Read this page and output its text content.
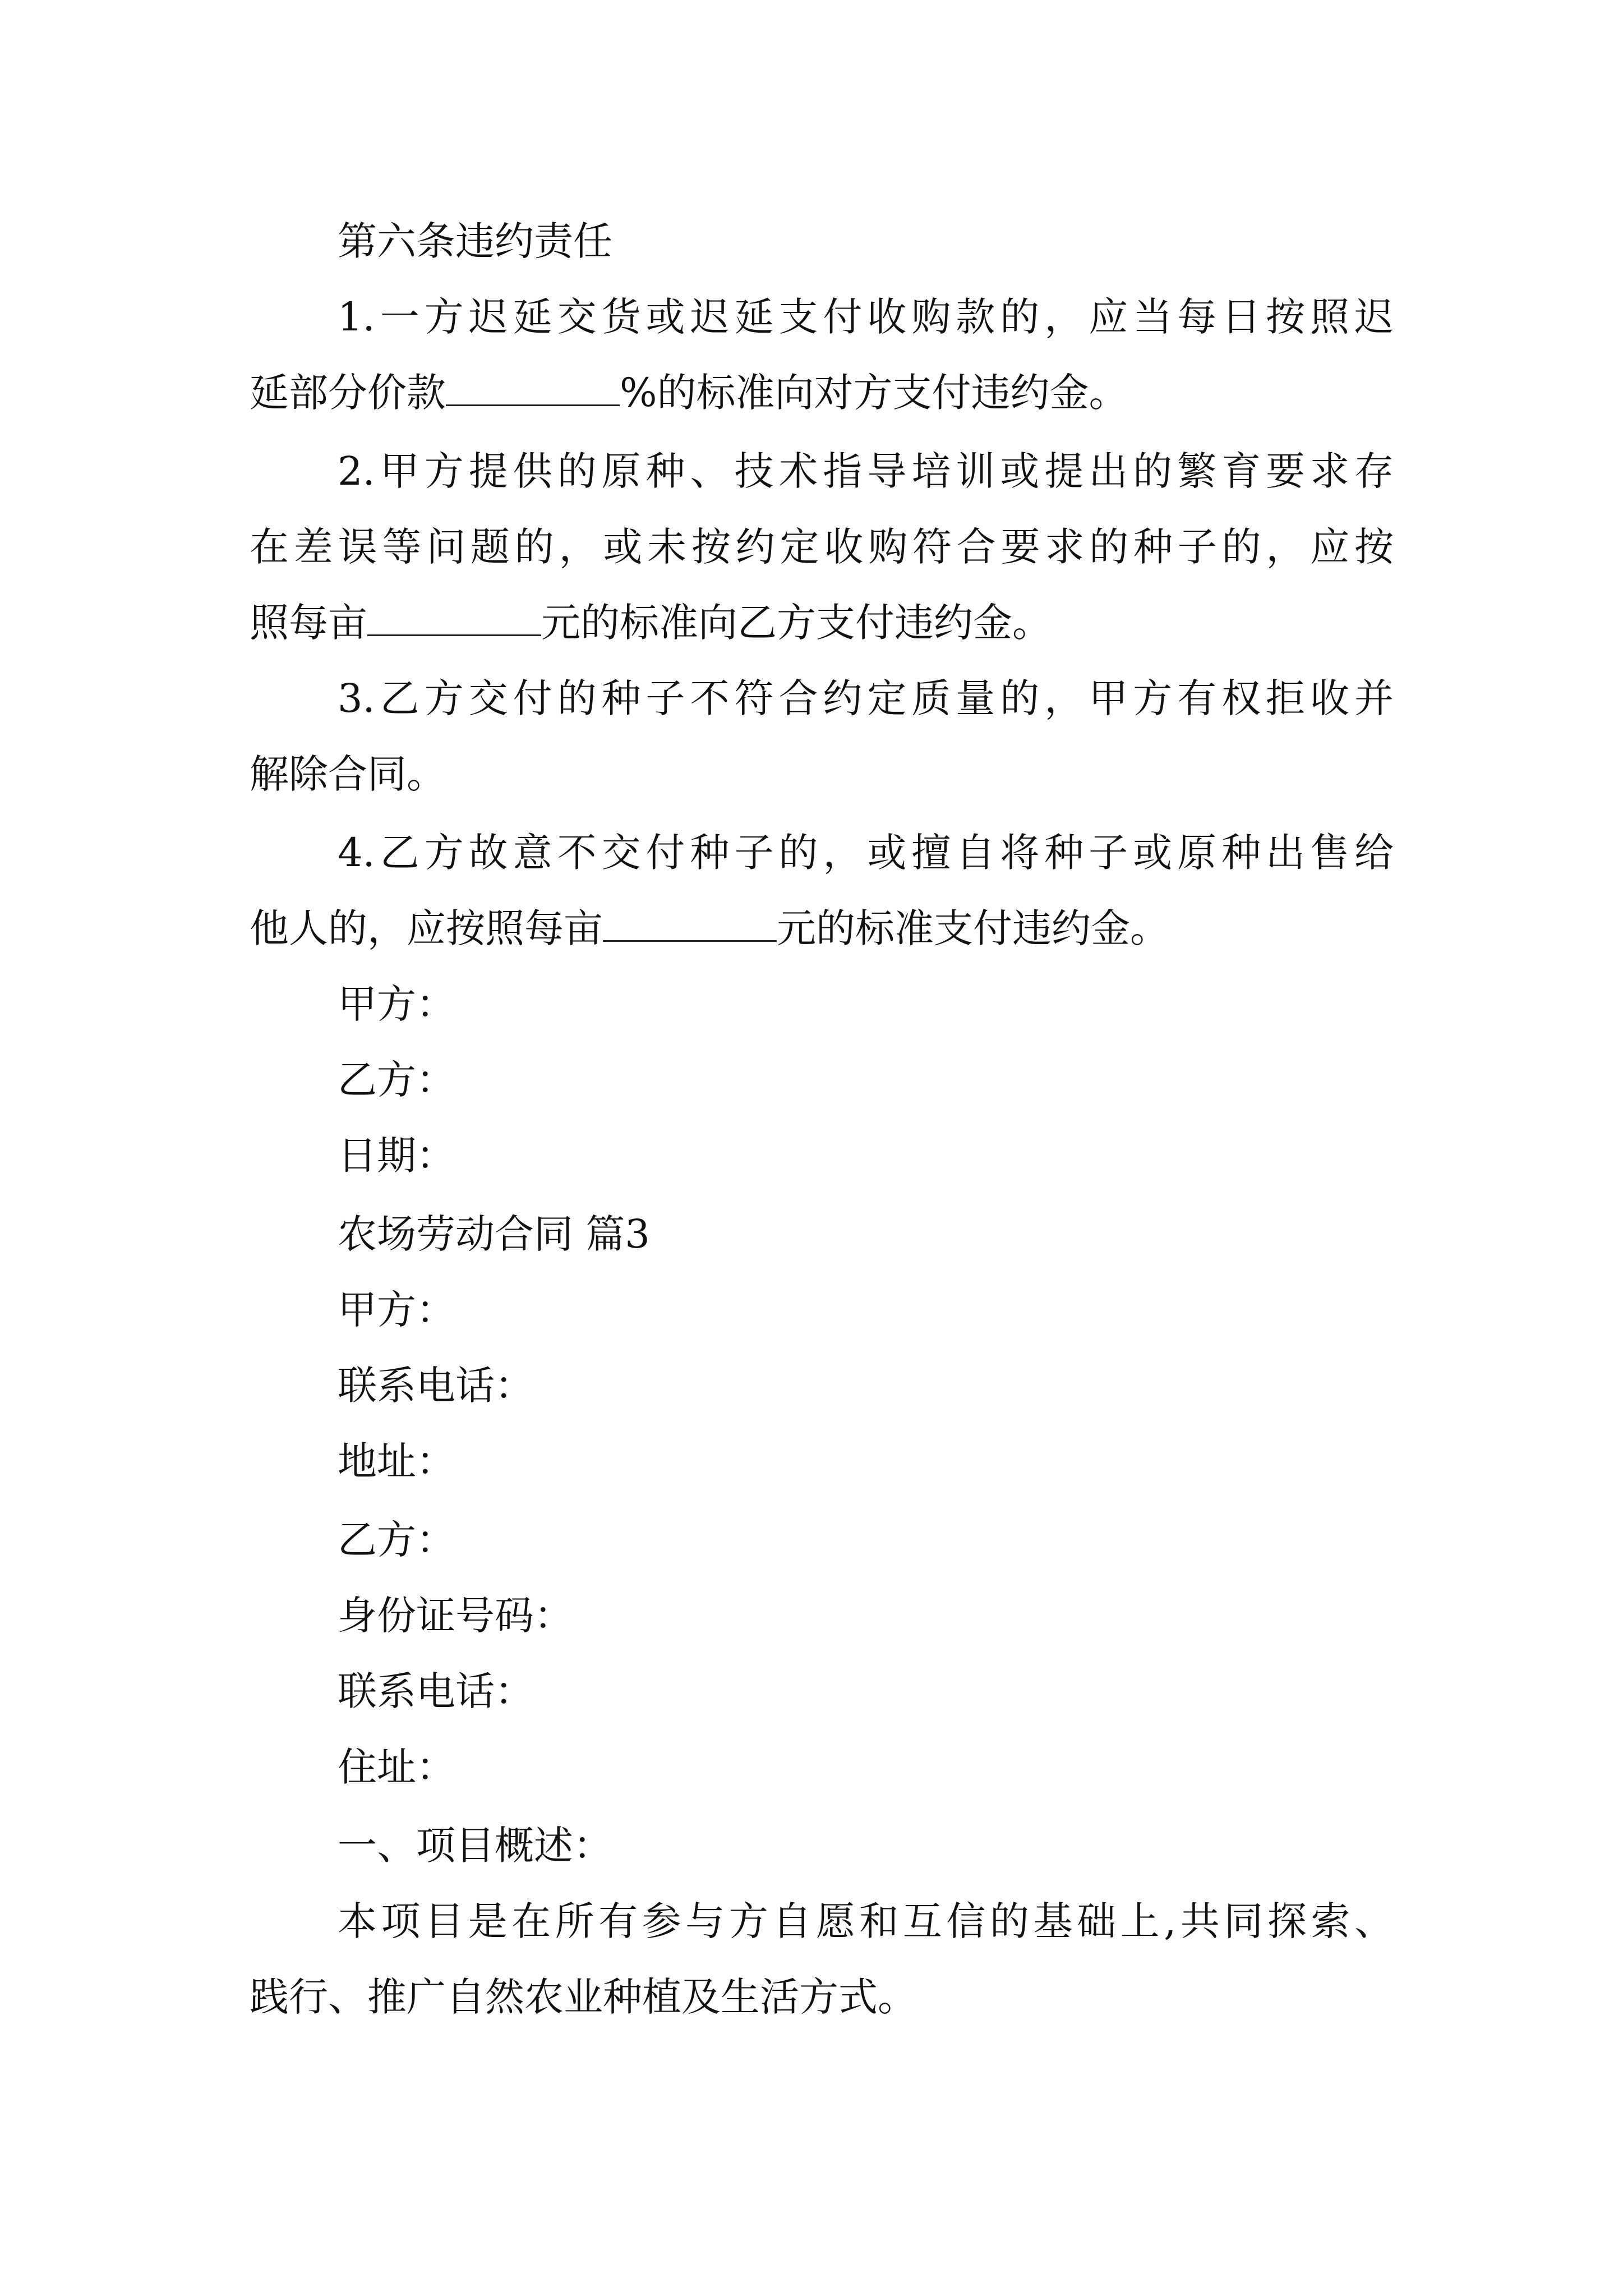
第六条违约责任
1.一方迟延交货或迟延支付收购款的，应当每日按照迟
延部分价款	%的标准向对方支付违约金。
2.甲方提供的原种、技术指导培训或提出的繁育要求存
在差误等问题的，或未按约定收购符合要求的种子的，应按
照每亩	元的标准向乙方支付违约金。
3.乙方交付的种子不符合约定质量的，甲方有权拒收并
解除合同。
4.乙方故意不交付种子的，或擅自将种子或原种出售给
他人的，应按照每亩	元的标准支付违约金。
甲方：
乙方：
日期：
农场劳动合同 篇3
甲方：
联系电话：
地址：
乙方：
身份证号码：
联系电话：
住址：
一、项目概述：
本项目是在所有参与方自愿和互信的基础上,共同探索、
践行、推广自然农业种植及生活方式。
